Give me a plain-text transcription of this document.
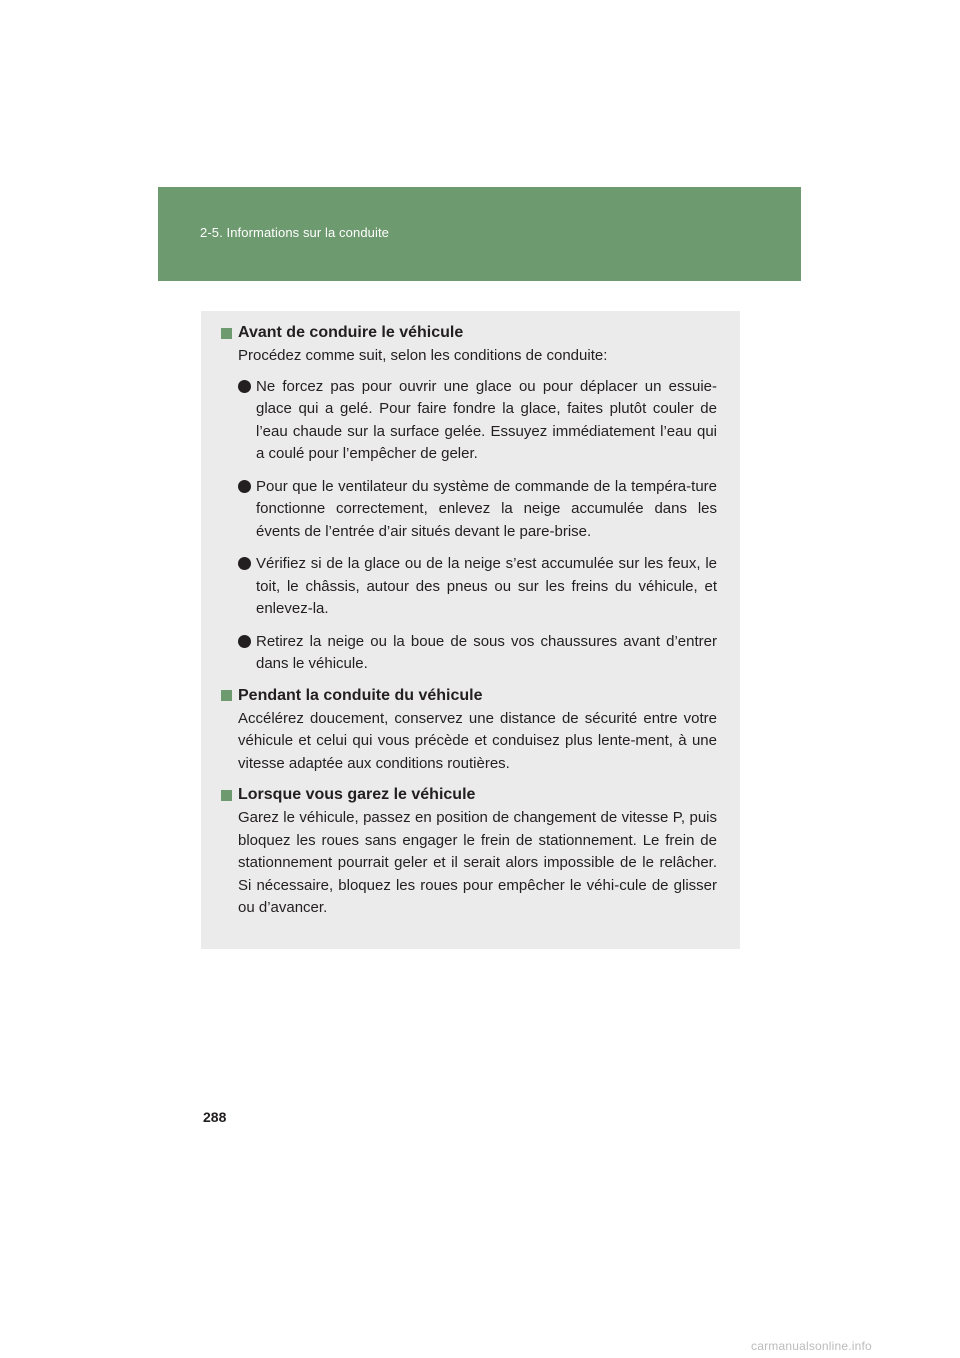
2-5. Informations sur la conduite
Avant de conduire le véhicule

Procédez comme suit, selon les conditions de conduite:

Ne forcez pas pour ouvrir une glace ou pour déplacer un essuie-glace qui a gelé. Pour faire fondre la glace, faites plutôt couler de l’eau chaude sur la surface gelée. Essuyez immédiatement l’eau qui a coulé pour l’empêcher de geler.
Pour que le ventilateur du système de commande de la tempéra-ture fonctionne correctement, enlevez la neige accumulée dans les évents de l’entrée d’air situés devant le pare-brise.
Vérifiez si de la glace ou de la neige s’est accumulée sur les feux, le toit, le châssis, autour des pneus ou sur les freins du véhicule, et enlevez-la.
Retirez la neige ou la boue de sous vos chaussures avant d’entrer dans le véhicule.
Pendant la conduite du véhicule

Accélérez doucement, conservez une distance de sécurité entre votre véhicule et celui qui vous précède et conduisez plus lente-ment, à une vitesse adaptée aux conditions routières.

Lorsque vous garez le véhicule

Garez le véhicule, passez en position de changement de vitesse P, puis bloquez les roues sans engager le frein de stationnement. Le frein de stationnement pourrait geler et il serait alors impossible de le relâcher. Si nécessaire, bloquez les roues pour empêcher le véhi-cule de glisser ou d’avancer.

288
carmanualsonline.info
